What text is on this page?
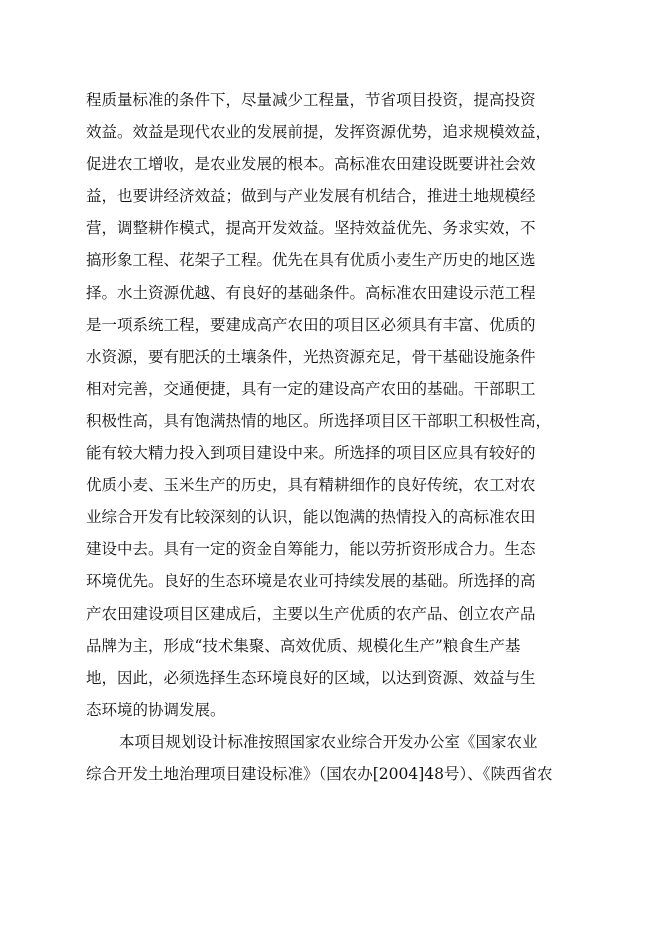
程质量标准的条件下，尽量减少工程量，节省项目投资，提高投资
效益。效益是现代农业的发展前提，发挥资源优势，追求规模效益，
促进农工增收，是农业发展的根本。高标准农田建设既要讲社会效
益，也要讲经济效益；做到与产业发展有机结合，推进土地规模经
营，调整耕作模式，提高开发效益。坚持效益优先、务求实效，不
搞形象工程、花架子工程。优先在具有优质小麦生产历史的地区选
择。水土资源优越、有良好的基础条件。高标准农田建设示范工程
是一项系统工程，要建成高产农田的项目区必须具有丰富、优质的
水资源，要有肥沃的土壤条件，光热资源充足，骨干基础设施条件
相对完善，交通便捷，具有一定的建设高产农田的基础。干部职工
积极性高，具有饱满热情的地区。所选择项目区干部职工积极性高，
能有较大精力投入到项目建设中来。所选择的项目区应具有较好的
优质小麦、玉米生产的历史，具有精耕细作的良好传统，农工对农
业综合开发有比较深刻的认识，能以饱满的热情投入的高标准农田
建设中去。具有一定的资金自筹能力，能以劳折资形成合力。生态
环境优先。良好的生态环境是农业可持续发展的基础。所选择的高
产农田建设项目区建成后，主要以生产优质的农产品、创立农产品
品牌为主，形成“技术集聚、高效优质、规模化生产”粮食生产基
地，因此，必须选择生态环境良好的区域，以达到资源、效益与生
态环境的协调发展。
本项目规划设计标准按照国家农业综合开发办公室《国家农业
综合开发土地治理项目建设标准》（国农办[2004]48号）、《陕西省农
